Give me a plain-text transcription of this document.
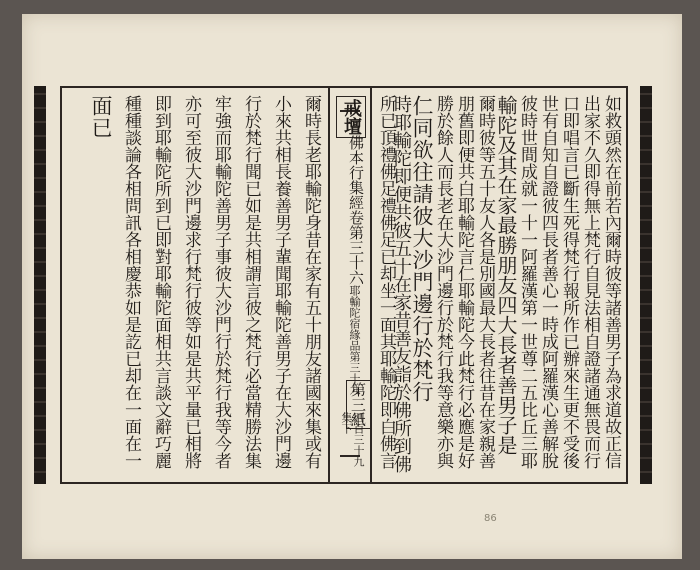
戒壇
佛本行集經卷第三十六
耶輸陀宿緣品第三十九
第三紙
四百三十九
集下
爾時長老耶輸陀身昔在家有五十朋友諸國來集或有
小來共相長養善男子輩聞耶輸陀善男子在大沙門邊
行於梵行聞已如是共相謂言彼之梵行必當精勝法集
牢強而耶輸陀善男子事彼大沙門行於梵行我等今者
亦可至彼大沙門邊求行梵行彼等如是共平量已相將
即到耶輸陀所到已即對耶輸陀面相共言談文辭巧麗
種種談論各相問訊各相慶恭如是訖已却在一面在一
面已	如救頭然在前若內爾時彼等諸善男子為求道故正信
出家不久即得無上梵行自見法相自證諸通無畏而行
口即唱言已斷生死得梵行報所作已辦來生更不受後
世有自知自證彼四長者善心一時成阿羅漢心善解脫
彼時世間成就一十一阿羅漢第一世尊二五比丘三耶
輸陀及其在家最勝朋友四大長者善男子是
爾時彼等五十友人各是別國最大長者往昔在家親善
朋舊即便共白耶輸陀言仁耶輸陀今此梵行必應是好
勝於餘人而長老在大沙門邊行於梵行我等意樂亦與
仁同欲往請彼大沙門邊行於梵行
時耶輸陀即便共彼五十在家昔善友詣於佛所到佛
所已頂禮佛足禮佛足已却坐一面其耶輸陀即白佛言
86
